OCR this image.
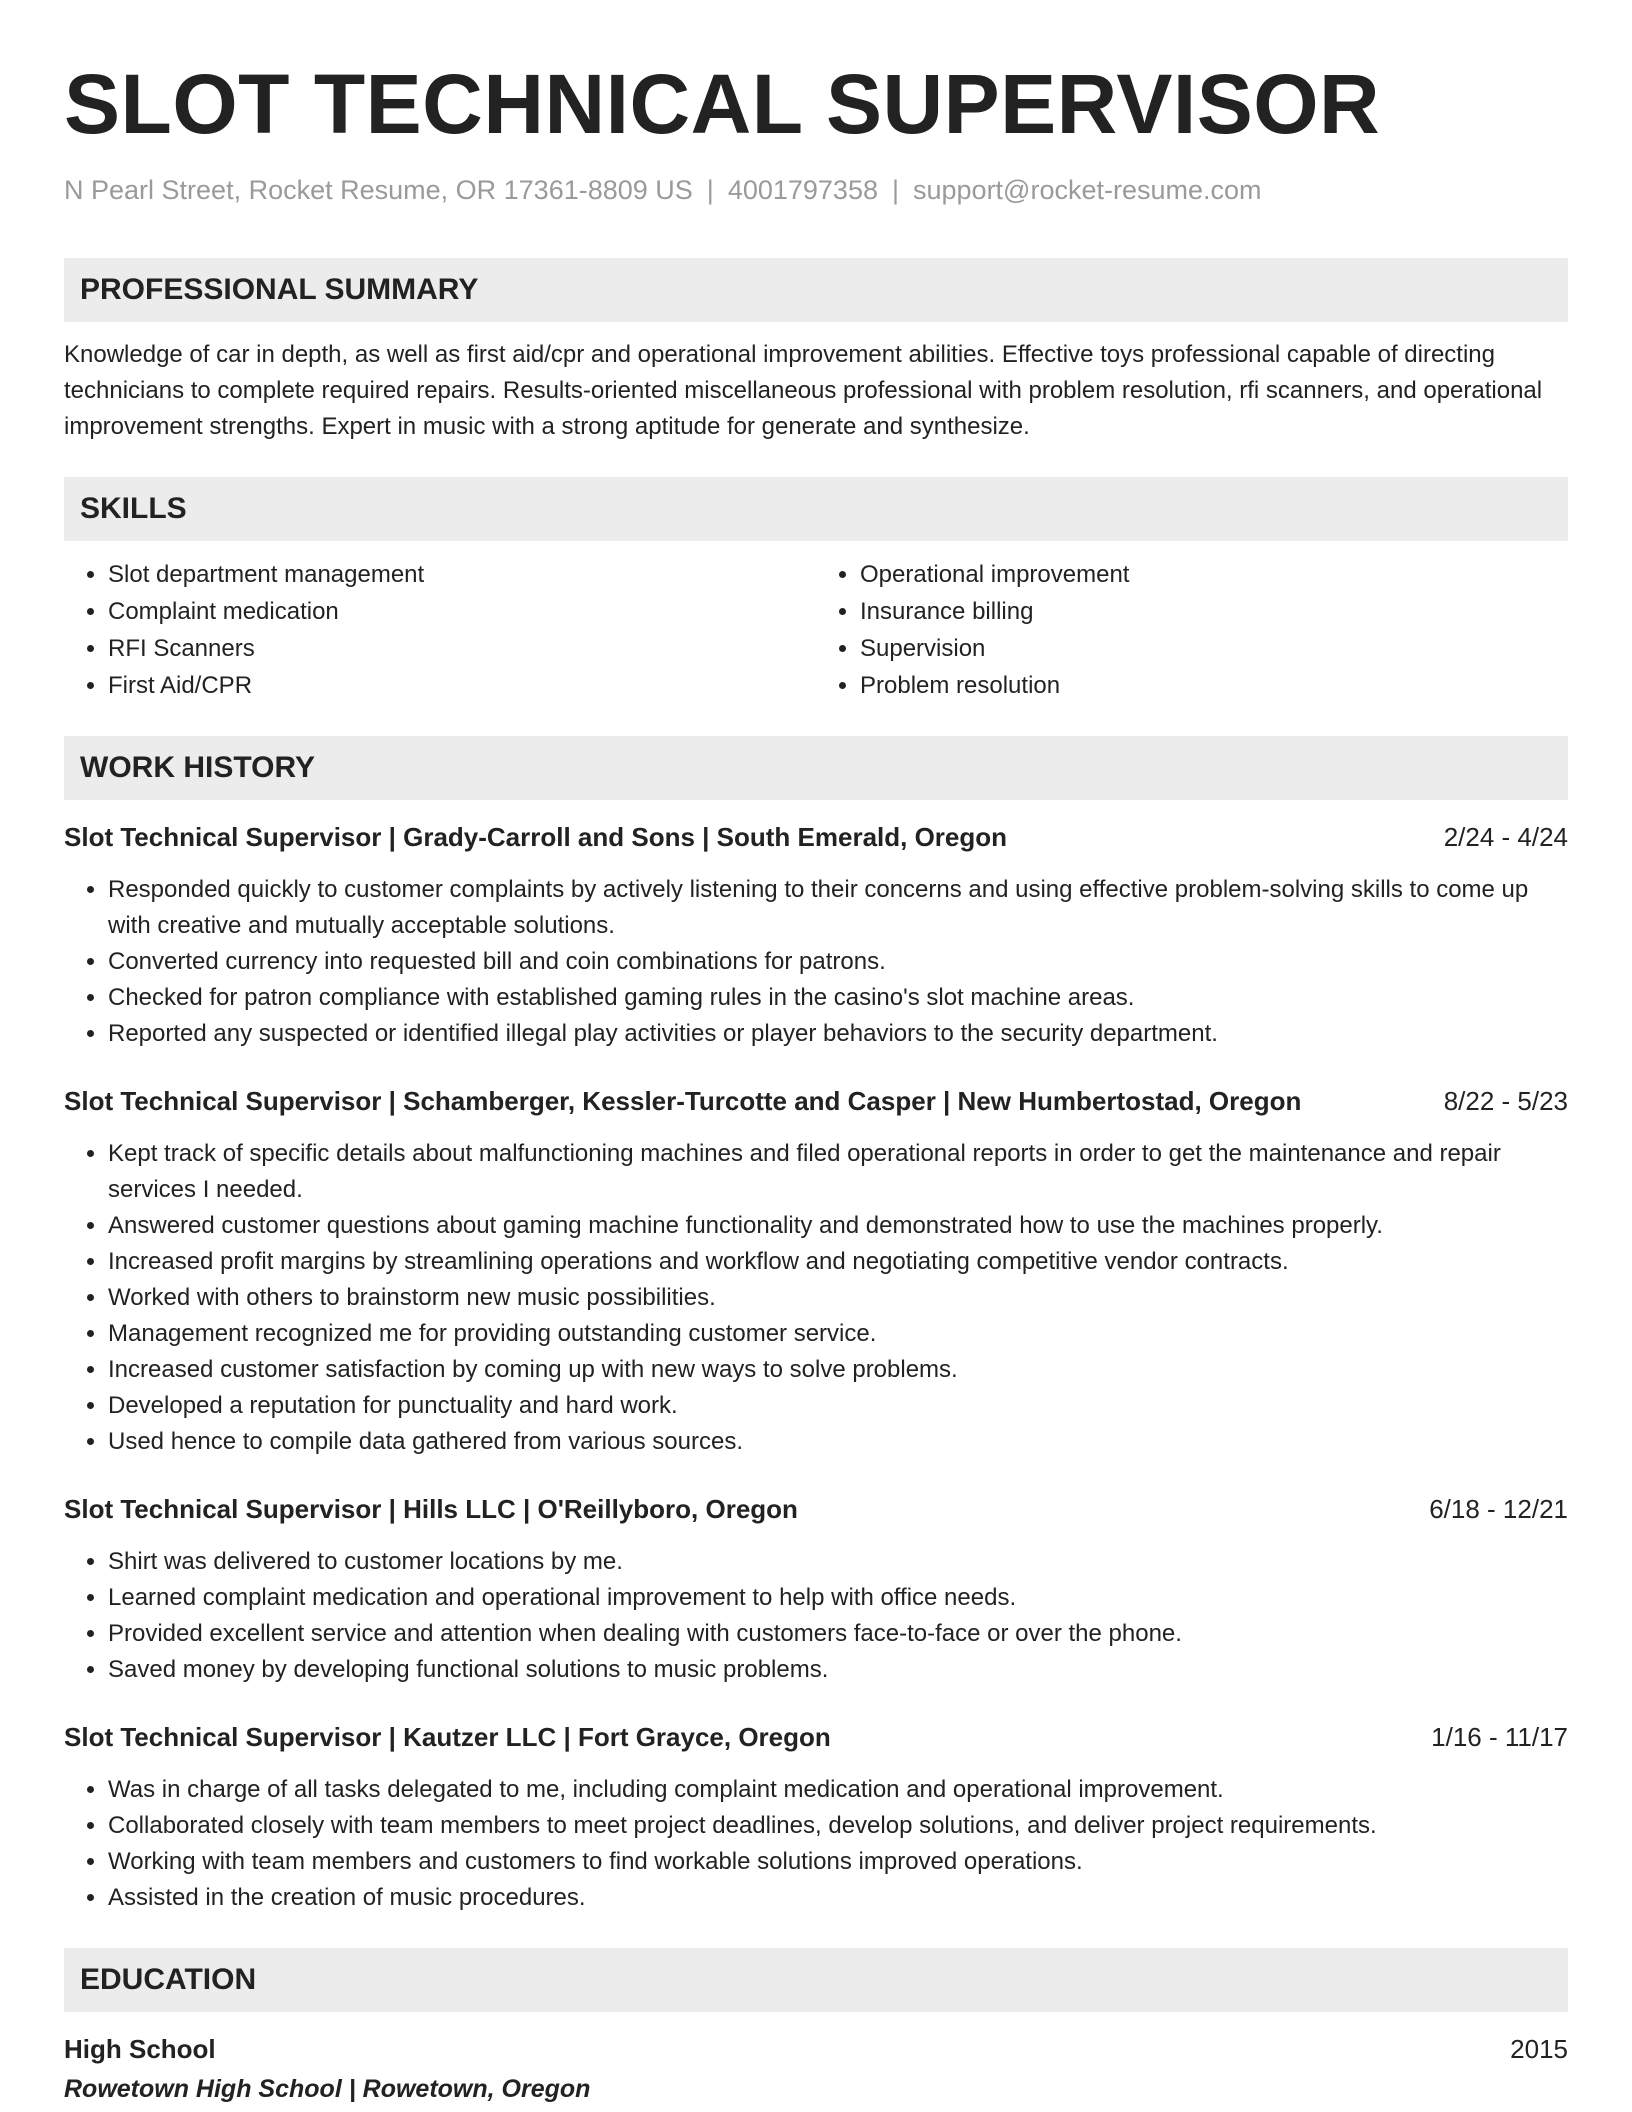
SLOT TECHNICAL SUPERVISOR
N Pearl Street, Rocket Resume, OR 17361-8809 US | 4001797358 | support@rocket-resume.com
PROFESSIONAL SUMMARY

Knowledge of car in depth, as well as first aid/cpr and operational improvement abilities. Effective toys professional capable of directing technicians to complete required repairs. Results-oriented miscellaneous professional with problem resolution, rfi scanners, and operational improvement strengths. Expert in music with a strong aptitude for generate and synthesize.

SKILLS
• Slot department management
• Complaint medication
• RFI Scanners
• First Aid/CPR
• Operational improvement
• Insurance billing
• Supervision
• Problem resolution
WORK HISTORY
Slot Technical Supervisor | Grady-Carroll and Sons | South Emerald, Oregon	2/24 - 4/24
• Responded quickly to customer complaints by actively listening to their concerns and using effective problem-solving skills to come up with creative and mutually acceptable solutions.
• Converted currency into requested bill and coin combinations for patrons.
• Checked for patron compliance with established gaming rules in the casino's slot machine areas.
• Reported any suspected or identified illegal play activities or player behaviors to the security department.
Slot Technical Supervisor | Schamberger, Kessler-Turcotte and Casper | New Humbertostad, Oregon	8/22 - 5/23
• Kept track of specific details about malfunctioning machines and filed operational reports in order to get the maintenance and repair services I needed.
• Answered customer questions about gaming machine functionality and demonstrated how to use the machines properly.
• Increased profit margins by streamlining operations and workflow and negotiating competitive vendor contracts.
• Worked with others to brainstorm new music possibilities.
• Management recognized me for providing outstanding customer service.
• Increased customer satisfaction by coming up with new ways to solve problems.
• Developed a reputation for punctuality and hard work.
• Used hence to compile data gathered from various sources.
Slot Technical Supervisor | Hills LLC | O'Reillyboro, Oregon	6/18 - 12/21
• Shirt was delivered to customer locations by me.
• Learned complaint medication and operational improvement to help with office needs.
• Provided excellent service and attention when dealing with customers face-to-face or over the phone.
• Saved money by developing functional solutions to music problems.
Slot Technical Supervisor | Kautzer LLC | Fort Grayce, Oregon	1/16 - 11/17
• Was in charge of all tasks delegated to me, including complaint medication and operational improvement.
• Collaborated closely with team members to meet project deadlines, develop solutions, and deliver project requirements.
• Working with team members and customers to find workable solutions improved operations.
• Assisted in the creation of music procedures.
EDUCATION
High School	2015
Rowetown High School | Rowetown, Oregon
